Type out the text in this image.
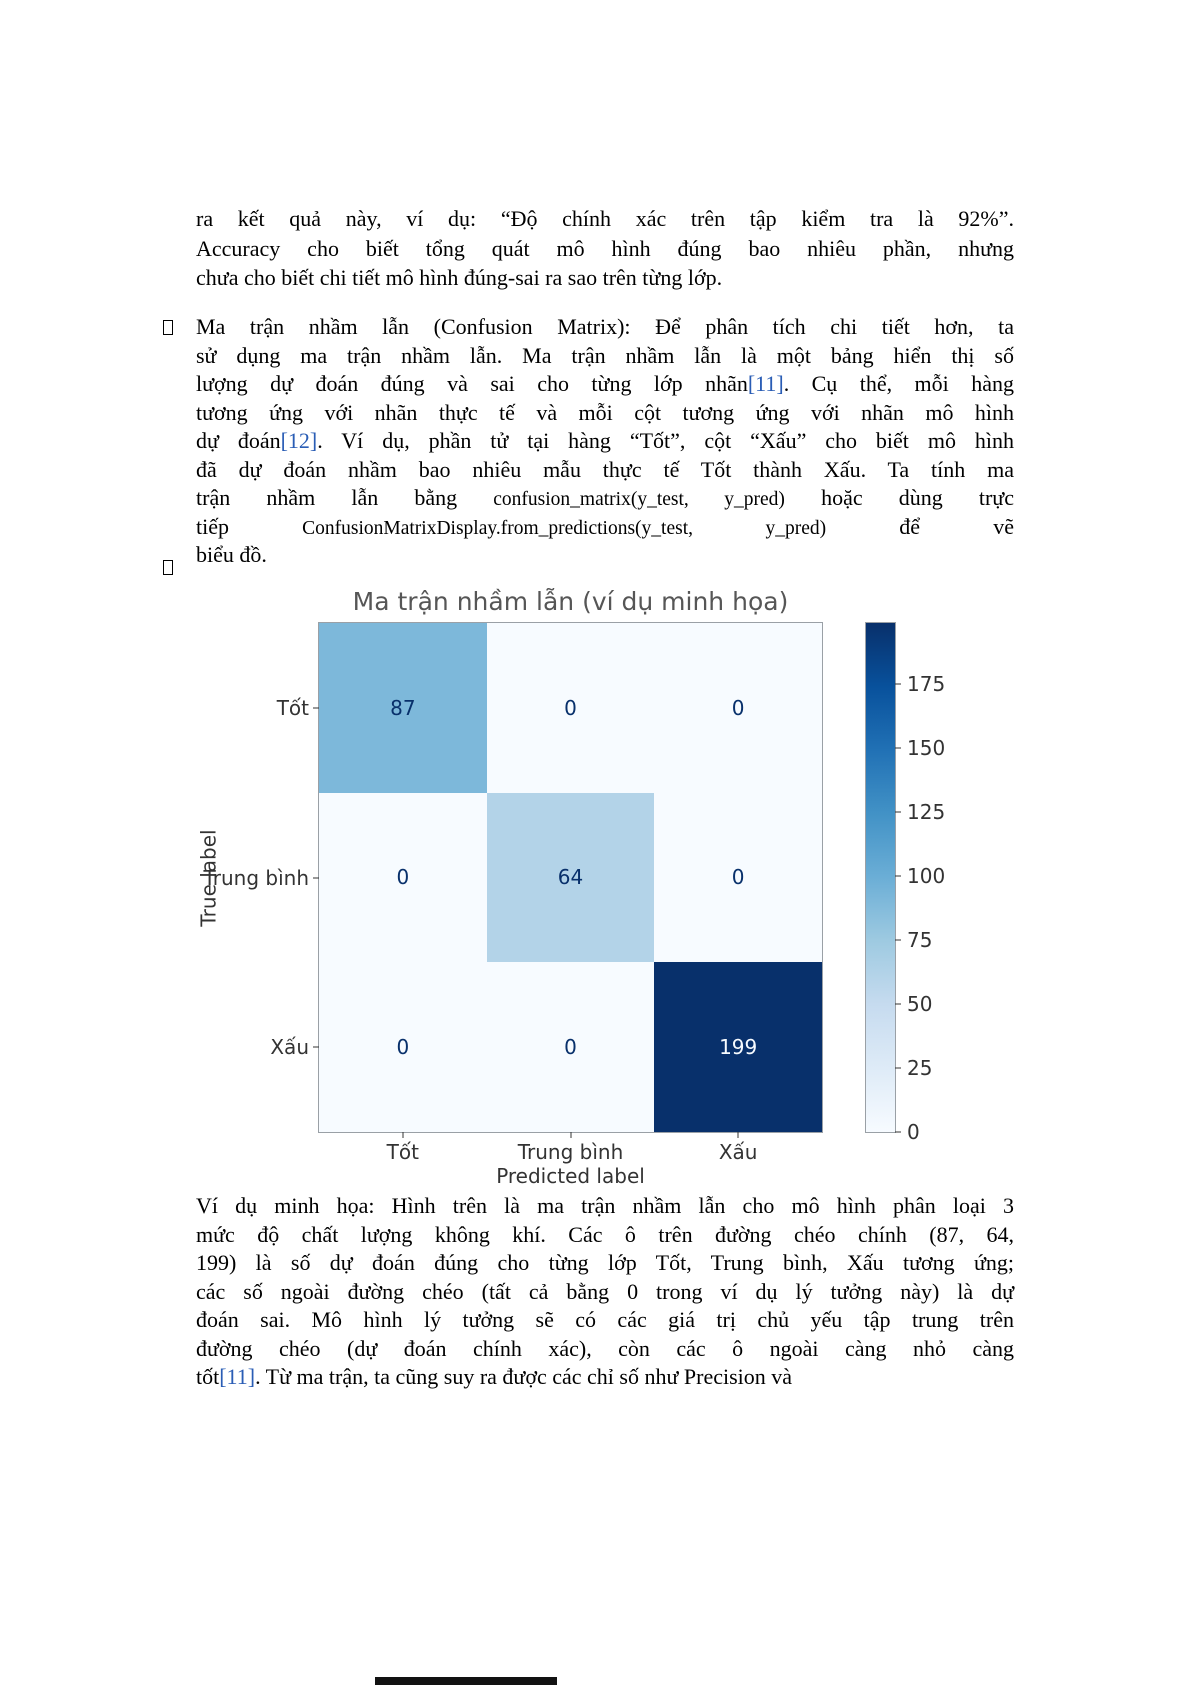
ra kết quả này, ví dụ: “Độ chính xác trên tập kiểm tra là 92%”.
Accuracy cho biết tổng quát mô hình đúng bao nhiêu phần, nhưng
chưa cho biết chi tiết mô hình đúng-sai ra sao trên từng lớp.
Ma trận nhầm lẫn (Confusion Matrix): Để phân tích chi tiết hơn, ta
sử dụng ma trận nhầm lẫn. Ma trận nhầm lẫn là một bảng hiển thị số
lượng dự đoán đúng và sai cho từng lớp nhãn[11]. Cụ thể, mỗi hàng
tương ứng với nhãn thực tế và mỗi cột tương ứng với nhãn mô hình
dự đoán[12]. Ví dụ, phần tử tại hàng “Tốt”, cột “Xấu” cho biết mô hình
đã dự đoán nhầm bao nhiêu mẫu thực tế Tốt thành Xấu. Ta tính ma
trận nhầm lẫn bằng confusion_matrix(y_test, y_pred) hoặc dùng trực
tiếp ConfusionMatrixDisplay.from_predictions(y_test, y_pred) để vẽ
biểu đồ.
Ma trận nhầm lẫn (ví dụ minh họa)
87	0	0
0	64	0
0	0	199
Tốt	Trung bình	Xấu
Tốt
Trung bình
Xấu
Predicted label
True label
0
25
50
75
100
125
150
175
Ví dụ minh họa: Hình trên là ma trận nhầm lẫn cho mô hình phân loại 3
mức độ chất lượng không khí. Các ô trên đường chéo chính (87, 64,
199) là số dự đoán đúng cho từng lớp Tốt, Trung bình, Xấu tương ứng;
các số ngoài đường chéo (tất cả bằng 0 trong ví dụ lý tưởng này) là dự
đoán sai. Mô hình lý tưởng sẽ có các giá trị chủ yếu tập trung trên
đường chéo (dự đoán chính xác), còn các ô ngoài càng nhỏ càng
tốt[11]. Từ ma trận, ta cũng suy ra được các chỉ số như Precision và
